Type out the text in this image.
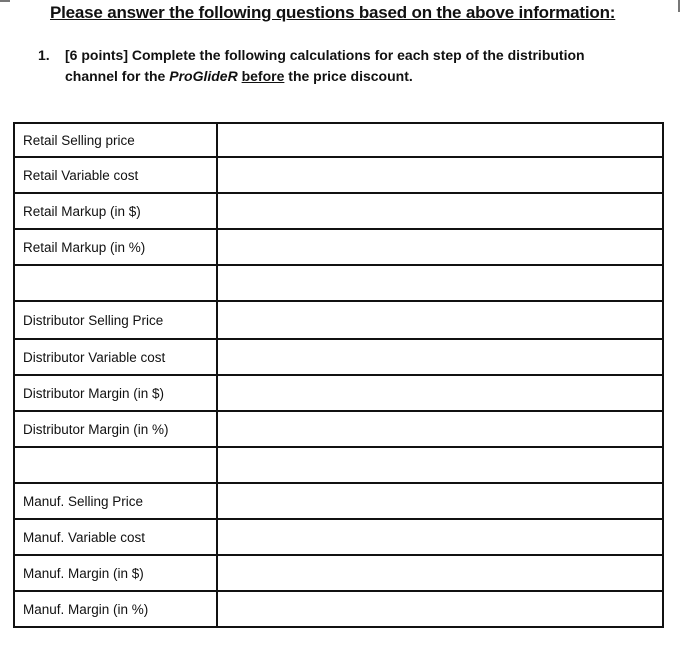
Please answer the following questions based on the above information:
1. [6 points] Complete the following calculations for each step of the distribution channel for the ProGlideR before the price discount.
Retail Selling price	
Retail Variable cost	
Retail Markup (in $)	
Retail Markup (in %)	

Distributor Selling Price	
Distributor Variable cost	
Distributor Margin (in $)	
Distributor Margin (in %)	

Manuf. Selling Price	
Manuf. Variable cost	
Manuf. Margin (in $)	
Manuf. Margin (in %)	
